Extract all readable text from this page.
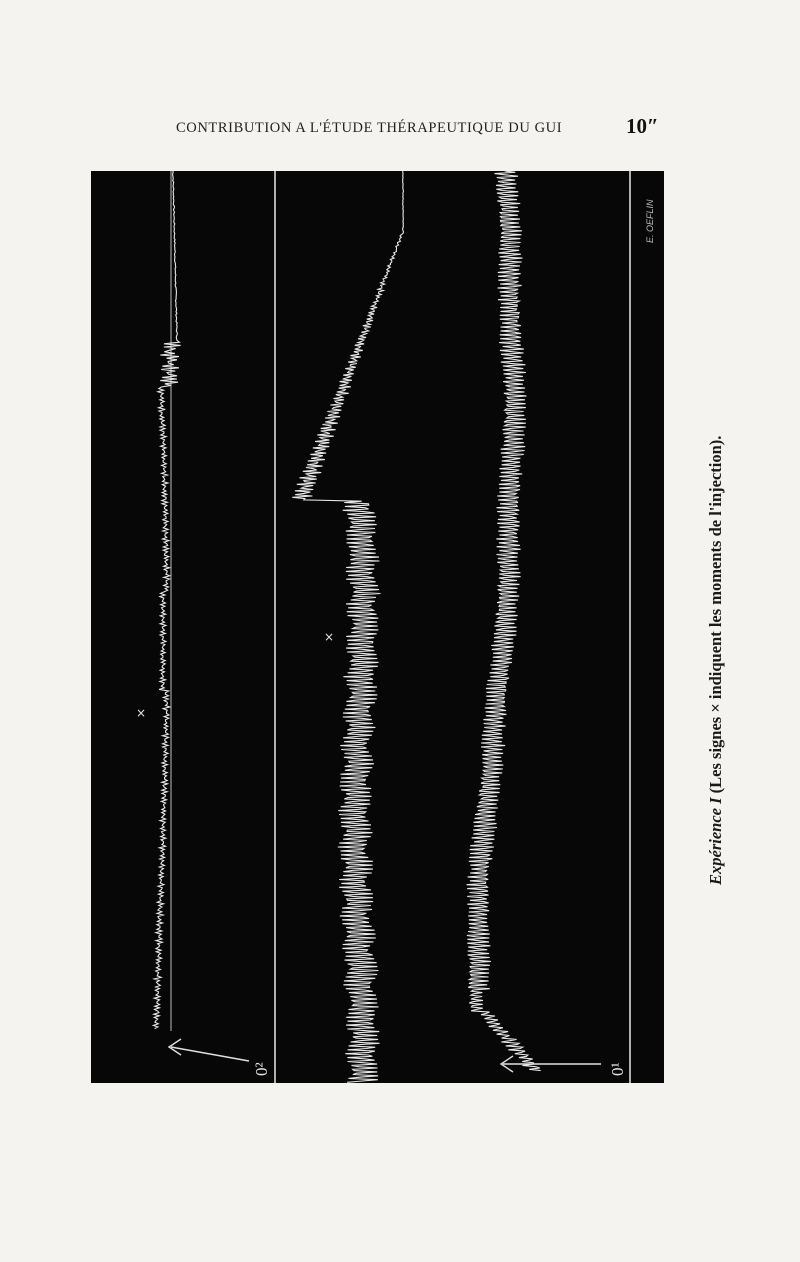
CONTRIBUTION A L'ÉTUDE THÉRAPEUTIQUE DU GUI	10″
0²	0¹
×
×
E. OEFLIN
Expérience I (Les signes × indiquent les moments de l'injection).
